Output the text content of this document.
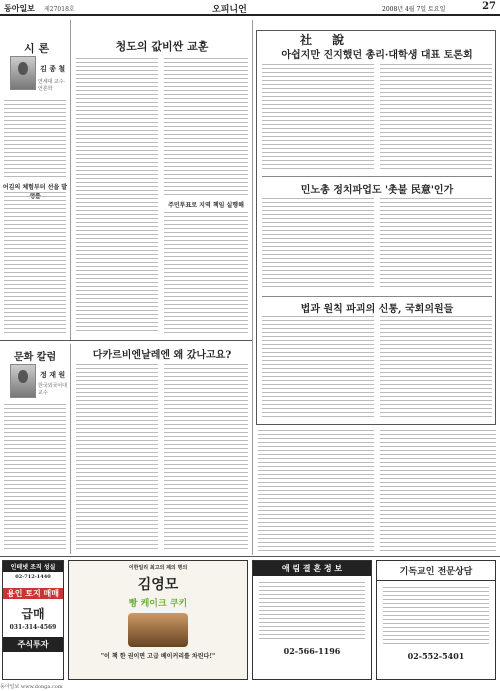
동아일보 제27018호	오피니언	2008년 4월 7일 토요일	27
시 론
김 종 철
연세대 교수·언론학
어김의 체험부터 선을 발
청도의 값비싼 교훈
주민투표로 지역 책임 실행해
문화 칼럼
정 재 원
한국외국어대 교수
다카르비엔날레엔 왜 갔나고요?
社 說
아쉽지만 진지했던 총리·대학생 대표 토론회
민노총 정치파업도 '촛불 民意'인가
법과 원칙 파괴의 신통, 국회의원들
인테넷 조직 성실
02-712-1440
용인 토지 매매
급매
031-314-4569
주식투자
이한일리 최고의 제의 명의
김영모
빵 케이크 쿠키
"이 책 한 권이면 고급 베이커리를 차린다!"
애 림 결 혼 정 보
02-566-1196
기독교인 전문상담
02-552-5401
동아일보 www.donga.com
